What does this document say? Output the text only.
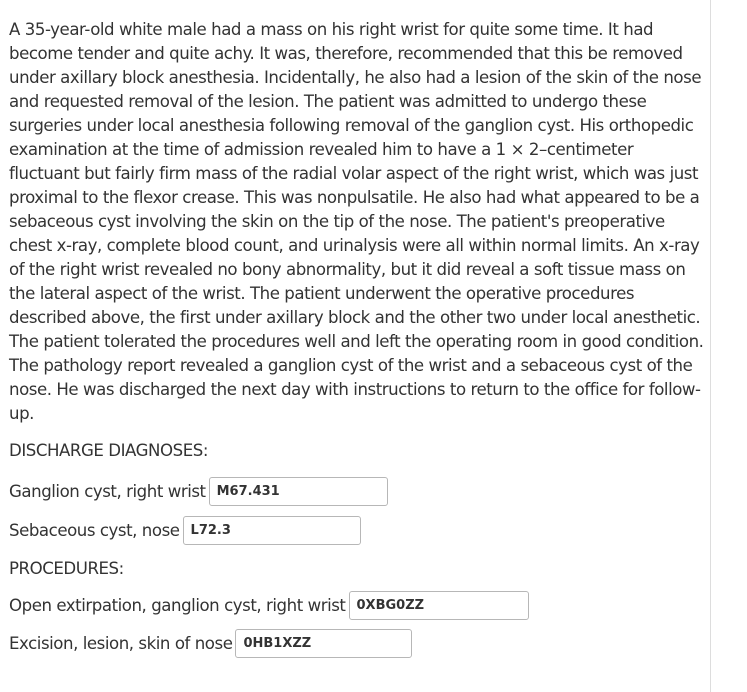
A 35-year-old white male had a mass on his right wrist for quite some time. It had become tender and quite achy. It was, therefore, recommended that this be removed under axillary block anesthesia. Incidentally, he also had a lesion of the skin of the nose and requested removal of the lesion. The patient was admitted to undergo these surgeries under local anesthesia following removal of the ganglion cyst. His orthopedic examination at the time of admission revealed him to have a 1 × 2–centimeter fluctuant but fairly firm mass of the radial volar aspect of the right wrist, which was just proximal to the flexor crease. This was nonpulsatile. He also had what appeared to be a sebaceous cyst involving the skin on the tip of the nose. The patient's preoperative chest x-ray, complete blood count, and urinalysis were all within normal limits. An x-ray of the right wrist revealed no bony abnormality, but it did reveal a soft tissue mass on the lateral aspect of the wrist. The patient underwent the operative procedures described above, the first under axillary block and the other two under local anesthetic. The patient tolerated the procedures well and left the operating room in good condition. The pathology report revealed a ganglion cyst of the wrist and a sebaceous cyst of the nose. He was discharged the next day with instructions to return to the office for follow-up.

DISCHARGE DIAGNOSES:
Ganglion cyst, right wrist M67.431
Sebaceous cyst, nose L72.3
PROCEDURES:
Open extirpation, ganglion cyst, right wrist 0XBG0ZZ
Excision, lesion, skin of nose 0HB1XZZ
